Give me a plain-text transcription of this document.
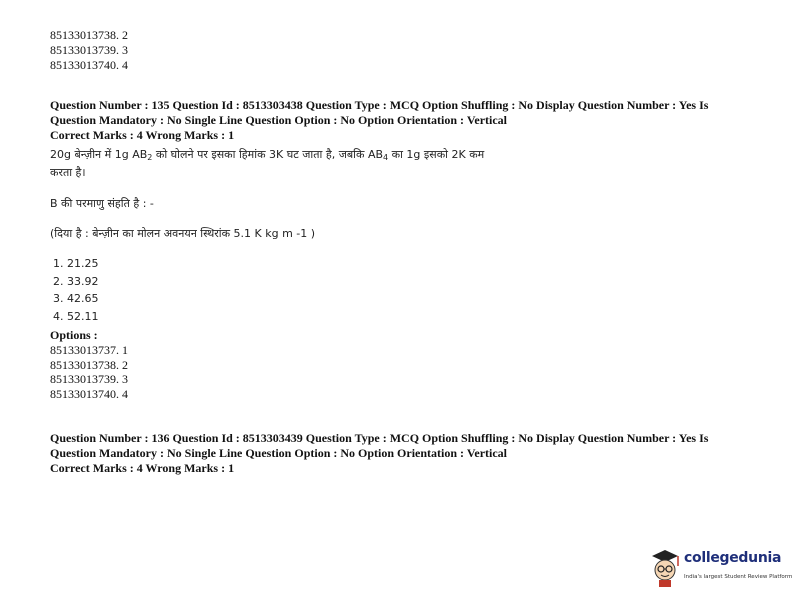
85133013738. 2
85133013739. 3
85133013740. 4
Question Number : 135 Question Id : 8513303438 Question Type : MCQ Option Shuffling : No Display Question Number : Yes Is
Question Mandatory : No Single Line Question Option : No Option Orientation : Vertical
Correct Marks : 4 Wrong Marks : 1
20g बेन्ज़ीन में 1g $AB_2$ को घोलने पर इसका हिमांक 3K घट जाता है, जबकि $AB_4$ का 1g इसको 2K कम
करता है।
B की परमाणु संहति है : -
(दिया है : बेन्ज़ीन का मोलन अवनयन स्थिरांक 5.1 K kg m -1 )
1. 21.25
2. 33.92
3. 42.65
4. 52.11
Options :
85133013737. 1
85133013738. 2
85133013739. 3
85133013740. 4
Question Number : 136 Question Id : 8513303439 Question Type : MCQ Option Shuffling : No Display Question Number : Yes Is
Question Mandatory : No Single Line Question Option : No Option Orientation : Vertical
Correct Marks : 4 Wrong Marks : 1
collegedunia
India's largest Student Review Platform
